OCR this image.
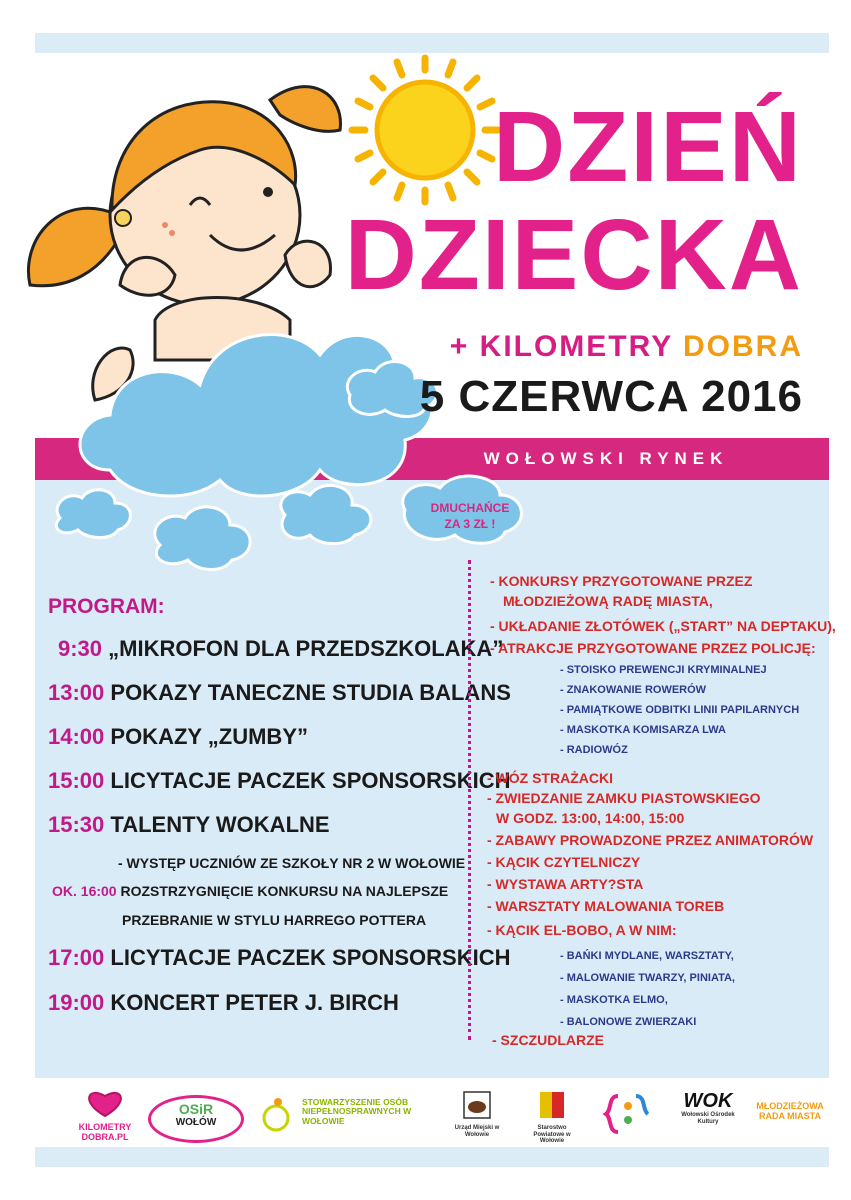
DZIEŃ
DZIECKA
+ KILOMETRY DOBRA
5 CZERWCA 2016
WOŁOWSKI RYNEK
DMUCHAŃCE
ZA 3 ZŁ !
PROGRAM:
9:30 „MIKROFON DLA PRZEDSZKOLAKA”
13:00 POKAZY TANECZNE STUDIA BALANS
14:00 POKAZY „ZUMBY”
15:00 LICYTACJE PACZEK SPONSORSKICH
15:30 TALENTY WOKALNE
- WYSTĘP UCZNIÓW ZE SZKOŁY NR 2 W WOŁOWIE
OK. 16:00 ROZSTRZYGNIĘCIE KONKURSU NA NAJLEPSZE
PRZEBRANIE W STYLU HARREGO POTTERA
17:00 LICYTACJE PACZEK SPONSORSKICH
19:00 KONCERT PETER J. BIRCH
- KONKURSY PRZYGOTOWANE PRZEZ
MŁODZIEŻOWĄ RADĘ MIASTA,
- UKŁADANIE ZŁOTÓWEK („START” NA DEPTAKU),
- ATRAKCJE PRZYGOTOWANE PRZEZ POLICJĘ:
- STOISKO PREWENCJI KRYMINALNEJ
- ZNAKOWANIE ROWERÓW
- PAMIĄTKOWE ODBITKI LINII PAPILARNYCH
- MASKOTKA KOMISARZA LWA
- RADIOWÓZ
- WÓZ STRAŻACKI
- ZWIEDZANIE ZAMKU PIASTOWSKIEGO
W GODZ. 13:00, 14:00, 15:00
- ZABAWY PROWADZONE PRZEZ ANIMATORÓW
- KĄCIK CZYTELNICZY
- WYSTAWA ARTY?STA
- WARSZTATY MALOWANIA TOREB
- KĄCIK EL-BOBO, A W NIM:
- BAŃKI MYDLANE, WARSZTATY,
- MALOWANIE TWARZY, PINIATA,
- MASKOTKA ELMO,
- BALONOWE ZWIERZAKI
- SZCZUDLARZE
KILOMETRY DOBRA.PL
OSiR
WOŁÓW
STOWARZYSZENIE OSÓB NIEPEŁNOSPRAWNYCH W WOŁOWIE
Urząd Miejski w Wołowie
Starostwo Powiatowe w Wołowie
WOK
Wołowski Ośrodek Kultury
MŁODZIEŻOWA
RADA MIASTA
